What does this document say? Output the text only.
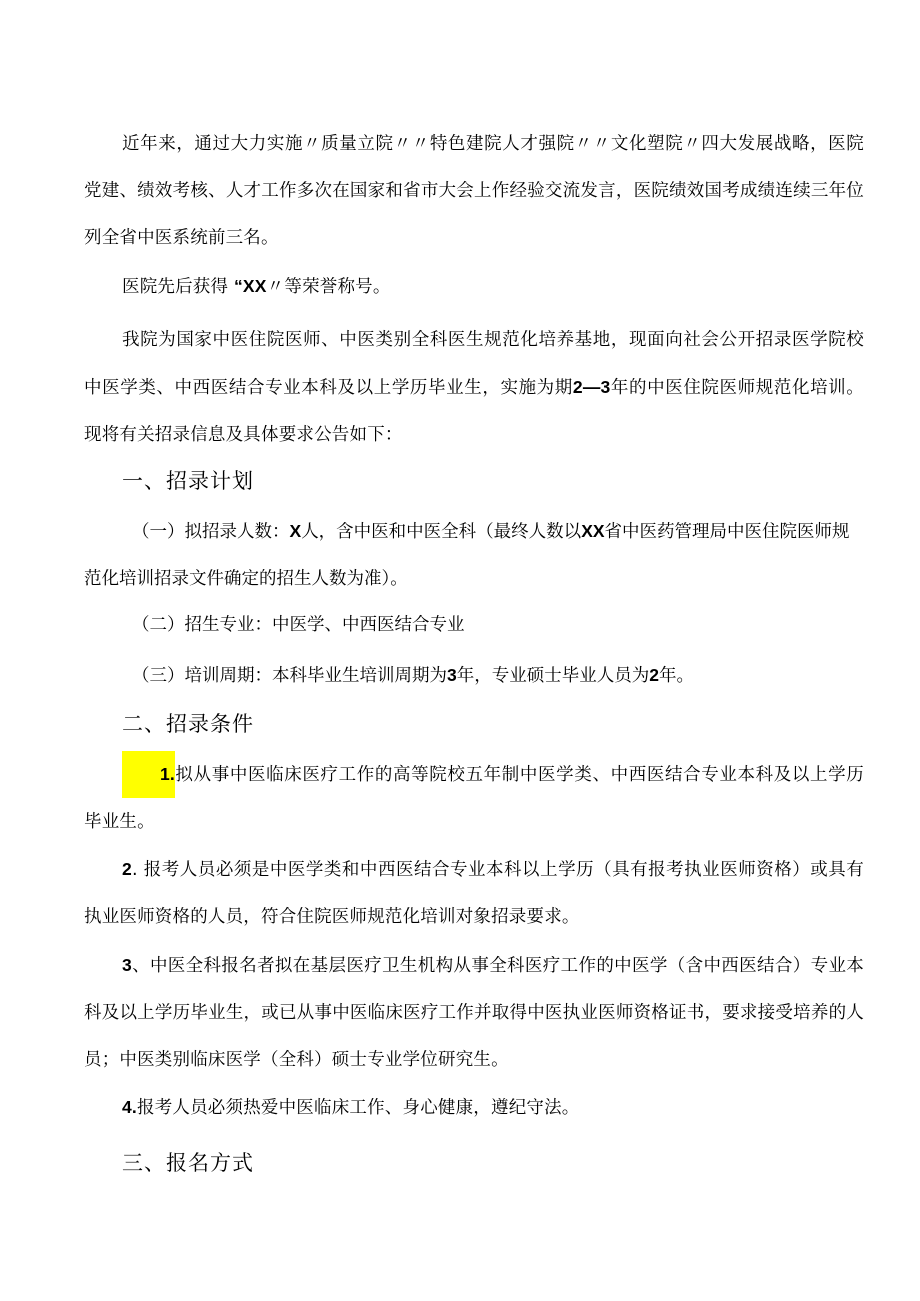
近年来，通过大力实施〃质量立院〃〃特色建院人才强院〃〃文化塑院〃四大发展战略，医院党建、绩效考核、人才工作多次在国家和省市大会上作经验交流发言，医院绩效国考成绩连续三年位列全省中医系统前三名。

医院先后获得 “XX〃等荣誉称号。

我院为国家中医住院医师、中医类别全科医生规范化培养基地，现面向社会公开招录医学院校中医学类、中西医结合专业本科及以上学历毕业生，实施为期2—3年的中医住院医师规范化培训。现将有关招录信息及具体要求公告如下：

一、招录计划

（一）拟招录人数：X人，含中医和中医全科（最终人数以XX省中医药管理局中医住院医师规范化培训招录文件确定的招生人数为准）。

（二）招生专业：中医学、中西医结合专业

（三）培训周期：本科毕业生培训周期为3年，专业硕士毕业人员为2年。

二、招录条件

1.拟从事中医临床医疗工作的高等院校五年制中医学类、中西医结合专业本科及以上学历毕业生。

2. 报考人员必须是中医学类和中西医结合专业本科以上学历（具有报考执业医师资格）或具有执业医师资格的人员，符合住院医师规范化培训对象招录要求。

3、中医全科报名者拟在基层医疗卫生机构从事全科医疗工作的中医学（含中西医结合）专业本科及以上学历毕业生，或已从事中医临床医疗工作并取得中医执业医师资格证书，要求接受培养的人员；中医类别临床医学（全科）硕士专业学位研究生。

4.报考人员必须热爱中医临床工作、身心健康，遵纪守法。

三、报名方式
